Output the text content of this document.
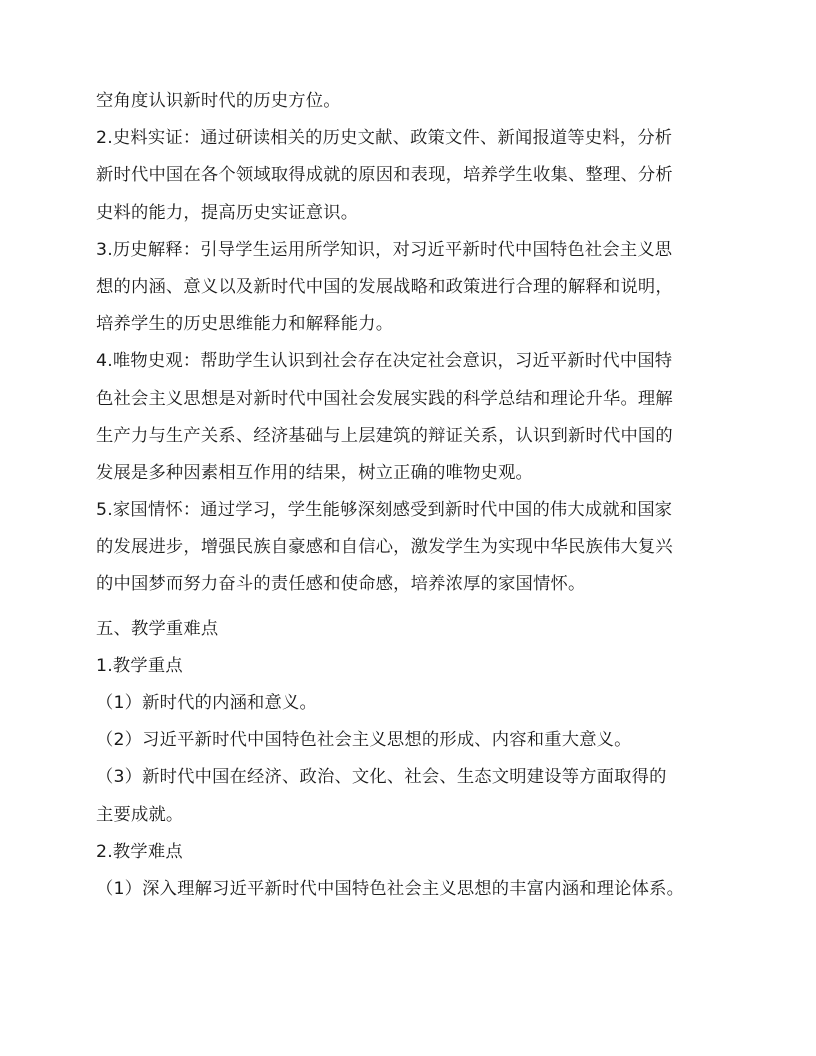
空角度认识新时代的历史方位。
2.史料实证：通过研读相关的历史文献、政策文件、新闻报道等史料，分析
新时代中国在各个领域取得成就的原因和表现，培养学生收集、整理、分析
史料的能力，提高历史实证意识。
3.历史解释：引导学生运用所学知识，对习近平新时代中国特色社会主义思
想的内涵、意义以及新时代中国的发展战略和政策进行合理的解释和说明，
培养学生的历史思维能力和解释能力。
4.唯物史观：帮助学生认识到社会存在决定社会意识，习近平新时代中国特
色社会主义思想是对新时代中国社会发展实践的科学总结和理论升华。理解
生产力与生产关系、经济基础与上层建筑的辩证关系，认识到新时代中国的
发展是多种因素相互作用的结果，树立正确的唯物史观。
5.家国情怀：通过学习，学生能够深刻感受到新时代中国的伟大成就和国家
的发展进步，增强民族自豪感和自信心，激发学生为实现中华民族伟大复兴
的中国梦而努力奋斗的责任感和使命感，培养浓厚的家国情怀。
五、教学重难点
1.教学重点
（1）新时代的内涵和意义。
（2）习近平新时代中国特色社会主义思想的形成、内容和重大意义。
（3）新时代中国在经济、政治、文化、社会、生态文明建设等方面取得的
主要成就。
2.教学难点
（1）深入理解习近平新时代中国特色社会主义思想的丰富内涵和理论体系。
